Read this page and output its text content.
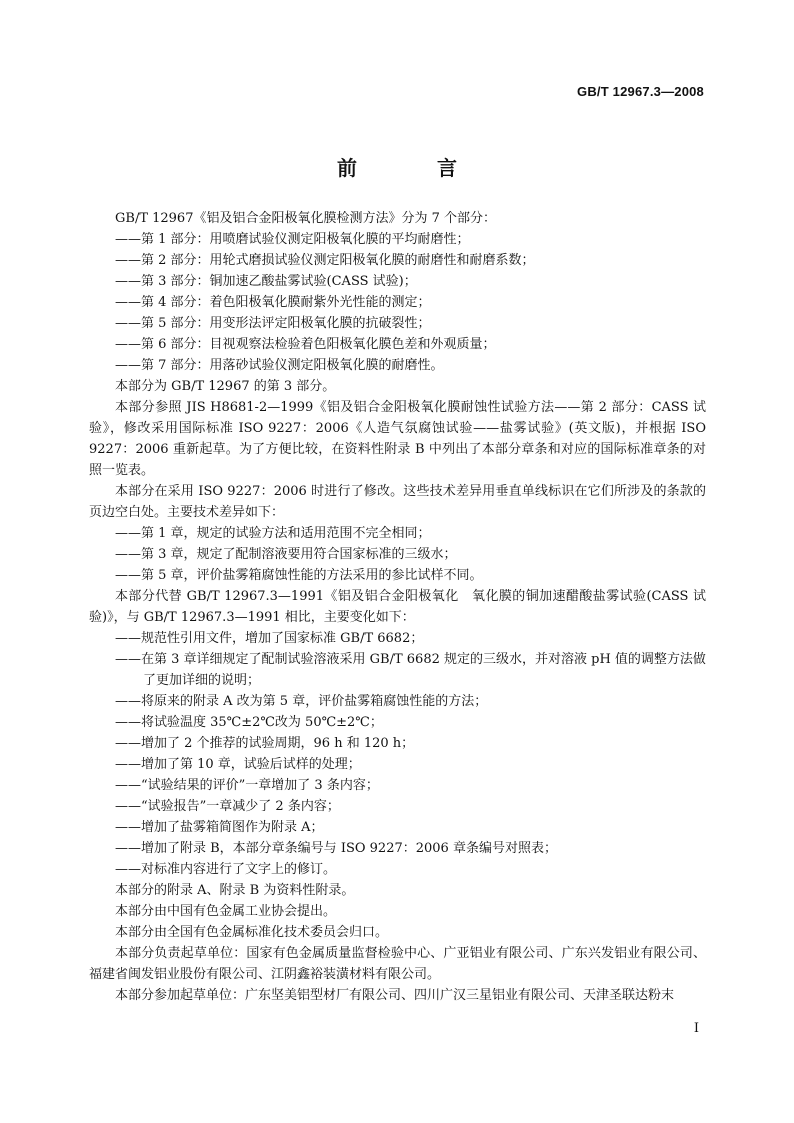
GB/T 12967.3—2008
前　言
GB/T 12967《铝及铝合金阳极氧化膜检测方法》分为 7 个部分：
——第 1 部分：用喷磨试验仪测定阳极氧化膜的平均耐磨性；
——第 2 部分：用轮式磨损试验仪测定阳极氧化膜的耐磨性和耐磨系数；
——第 3 部分：铜加速乙酸盐雾试验(CASS 试验)；
——第 4 部分：着色阳极氧化膜耐紫外光性能的测定；
——第 5 部分：用变形法评定阳极氧化膜的抗破裂性；
——第 6 部分：目视观察法检验着色阳极氧化膜色差和外观质量；
——第 7 部分：用落砂试验仪测定阳极氧化膜的耐磨性。
本部分为 GB/T 12967 的第 3 部分。
本部分参照 JIS H8681-2—1999《铝及铝合金阳极氧化膜耐蚀性试验方法——第 2 部分：CASS 试验》，修改采用国际标准 ISO 9227：2006《人造气氛腐蚀试验——盐雾试验》(英文版)，并根据 ISO 9227：2006 重新起草。为了方便比较，在资料性附录 B 中列出了本部分章条和对应的国际标准章条的对照一览表。
本部分在采用 ISO 9227：2006 时进行了修改。这些技术差异用垂直单线标识在它们所涉及的条款的页边空白处。主要技术差异如下：
——第 1 章，规定的试验方法和适用范围不完全相同；
——第 3 章，规定了配制溶液要用符合国家标准的三级水；
——第 5 章，评价盐雾箱腐蚀性能的方法采用的参比试样不同。
本部分代替 GB/T 12967.3—1991《铝及铝合金阳极氧化　氧化膜的铜加速醋酸盐雾试验(CASS 试验)》，与 GB/T 12967.3—1991 相比，主要变化如下：
——规范性引用文件，增加了国家标准 GB/T 6682；
——在第 3 章详细规定了配制试验溶液采用 GB/T 6682 规定的三级水，并对溶液 pH 值的调整方法做了更加详细的说明；
——将原来的附录 A 改为第 5 章，评价盐雾箱腐蚀性能的方法；
——将试验温度 35℃±2℃改为 50℃±2℃；
——增加了 2 个推荐的试验周期，96 h 和 120 h；
——增加了第 10 章，试验后试样的处理；
——“试验结果的评价”一章增加了 3 条内容；
——“试验报告”一章减少了 2 条内容；
——增加了盐雾箱简图作为附录 A；
——增加了附录 B，本部分章条编号与 ISO 9227：2006 章条编号对照表；
——对标准内容进行了文字上的修订。
本部分的附录 A、附录 B 为资料性附录。
本部分由中国有色金属工业协会提出。
本部分由全国有色金属标准化技术委员会归口。
本部分负责起草单位：国家有色金属质量监督检验中心、广亚铝业有限公司、广东兴发铝业有限公司、福建省闽发铝业股份有限公司、江阴鑫裕装潢材料有限公司。
本部分参加起草单位：广东坚美铝型材厂有限公司、四川广汉三星铝业有限公司、天津圣联达粉末
I
